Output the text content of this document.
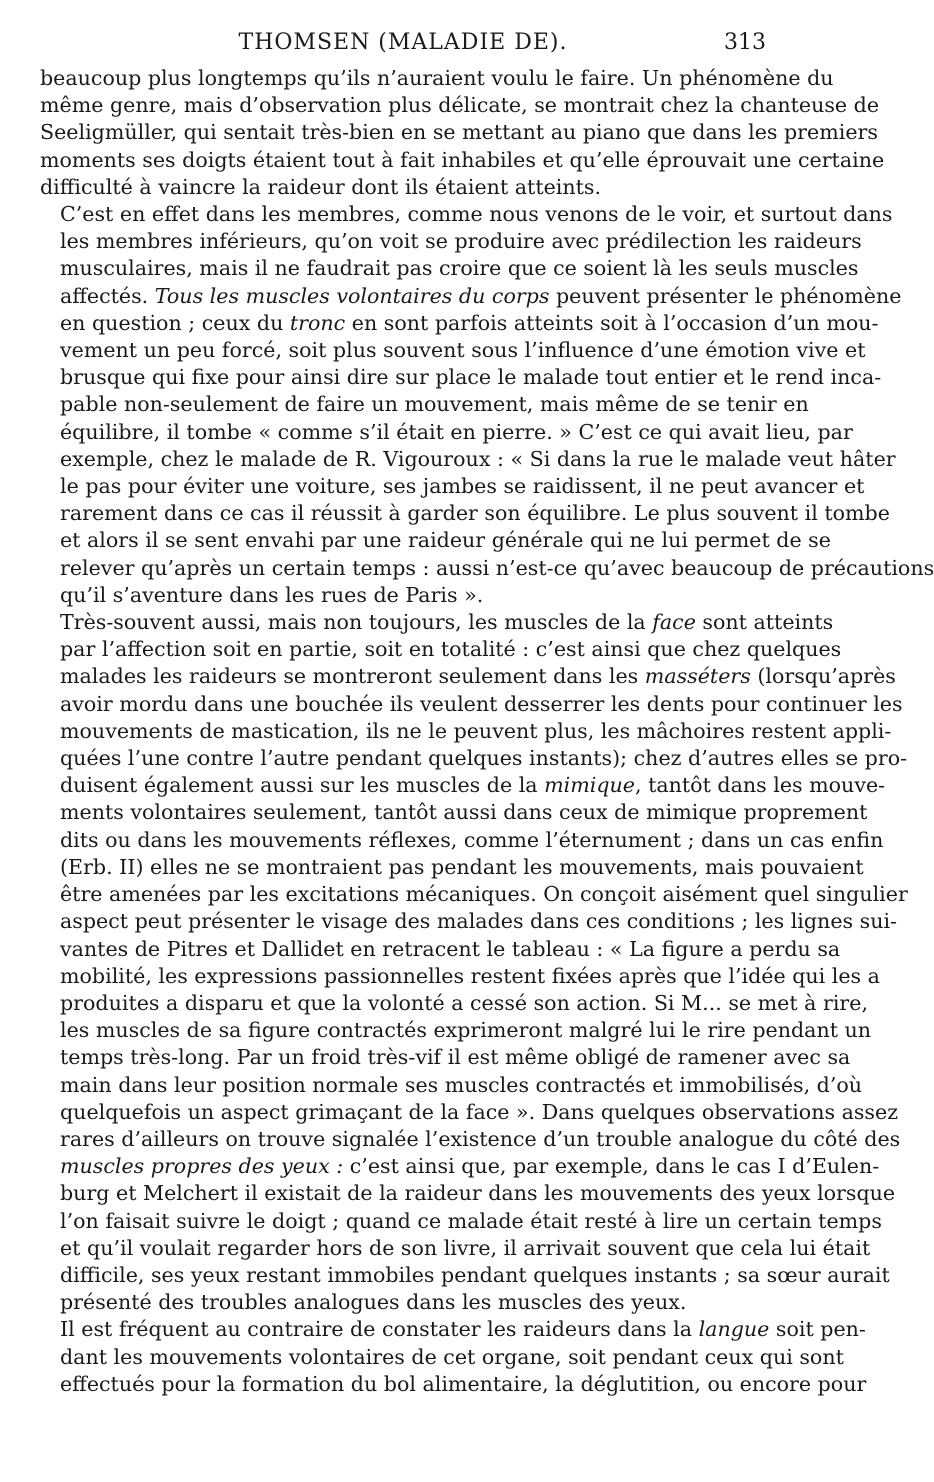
THOMSEN (MALADIE DE).	313
beaucoup plus longtemps qu’ils n’auraient voulu le faire. Un phénomène du
même genre, mais d’observation plus délicate, se montrait chez la chanteuse de
Seeligmüller, qui sentait très-bien en se mettant au piano que dans les premiers
moments ses doigts étaient tout à fait inhabiles et qu’elle éprouvait une certaine
difficulté à vaincre la raideur dont ils étaient atteints.
C’est en effet dans les membres, comme nous venons de le voir, et surtout dans
les membres inférieurs, qu’on voit se produire avec prédilection les raideurs
musculaires, mais il ne faudrait pas croire que ce soient là les seuls muscles
affectés. Tous les muscles volontaires du corps peuvent présenter le phénomène
en question ; ceux du tronc en sont parfois atteints soit à l’occasion d’un mou-
vement un peu forcé, soit plus souvent sous l’influence d’une émotion vive et
brusque qui fixe pour ainsi dire sur place le malade tout entier et le rend inca-
pable non-seulement de faire un mouvement, mais même de se tenir en
équilibre, il tombe « comme s’il était en pierre. » C’est ce qui avait lieu, par
exemple, chez le malade de R. Vigouroux : « Si dans la rue le malade veut hâter
le pas pour éviter une voiture, ses jambes se raidissent, il ne peut avancer et
rarement dans ce cas il réussit à garder son équilibre. Le plus souvent il tombe
et alors il se sent envahi par une raideur générale qui ne lui permet de se
relever qu’après un certain temps : aussi n’est-ce qu’avec beaucoup de précautions
qu’il s’aventure dans les rues de Paris ».
Très-souvent aussi, mais non toujours, les muscles de la face sont atteints
par l’affection soit en partie, soit en totalité : c’est ainsi que chez quelques
malades les raideurs se montreront seulement dans les masséters (lorsqu’après
avoir mordu dans une bouchée ils veulent desserrer les dents pour continuer les
mouvements de mastication, ils ne le peuvent plus, les mâchoires restent appli-
quées l’une contre l’autre pendant quelques instants); chez d’autres elles se pro-
duisent également aussi sur les muscles de la mimique, tantôt dans les mouve-
ments volontaires seulement, tantôt aussi dans ceux de mimique proprement
dits ou dans les mouvements réflexes, comme l’éternument ; dans un cas enfin
(Erb. II) elles ne se montraient pas pendant les mouvements, mais pouvaient
être amenées par les excitations mécaniques. On conçoit aisément quel singulier
aspect peut présenter le visage des malades dans ces conditions ; les lignes sui-
vantes de Pitres et Dallidet en retracent le tableau : « La figure a perdu sa
mobilité, les expressions passionnelles restent fixées après que l’idée qui les a
produites a disparu et que la volonté a cessé son action. Si M... se met à rire,
les muscles de sa figure contractés exprimeront malgré lui le rire pendant un
temps très-long. Par un froid très-vif il est même obligé de ramener avec sa
main dans leur position normale ses muscles contractés et immobilisés, d’où
quelquefois un aspect grimaçant de la face ». Dans quelques observations assez
rares d’ailleurs on trouve signalée l’existence d’un trouble analogue du côté des
muscles propres des yeux : c’est ainsi que, par exemple, dans le cas I d’Eulen-
burg et Melchert il existait de la raideur dans les mouvements des yeux lorsque
l’on faisait suivre le doigt ; quand ce malade était resté à lire un certain temps
et qu’il voulait regarder hors de son livre, il arrivait souvent que cela lui était
difficile, ses yeux restant immobiles pendant quelques instants ; sa sœur aurait
présenté des troubles analogues dans les muscles des yeux.
Il est fréquent au contraire de constater les raideurs dans la langue soit pen-
dant les mouvements volontaires de cet organe, soit pendant ceux qui sont
effectués pour la formation du bol alimentaire, la déglutition, ou encore pour
